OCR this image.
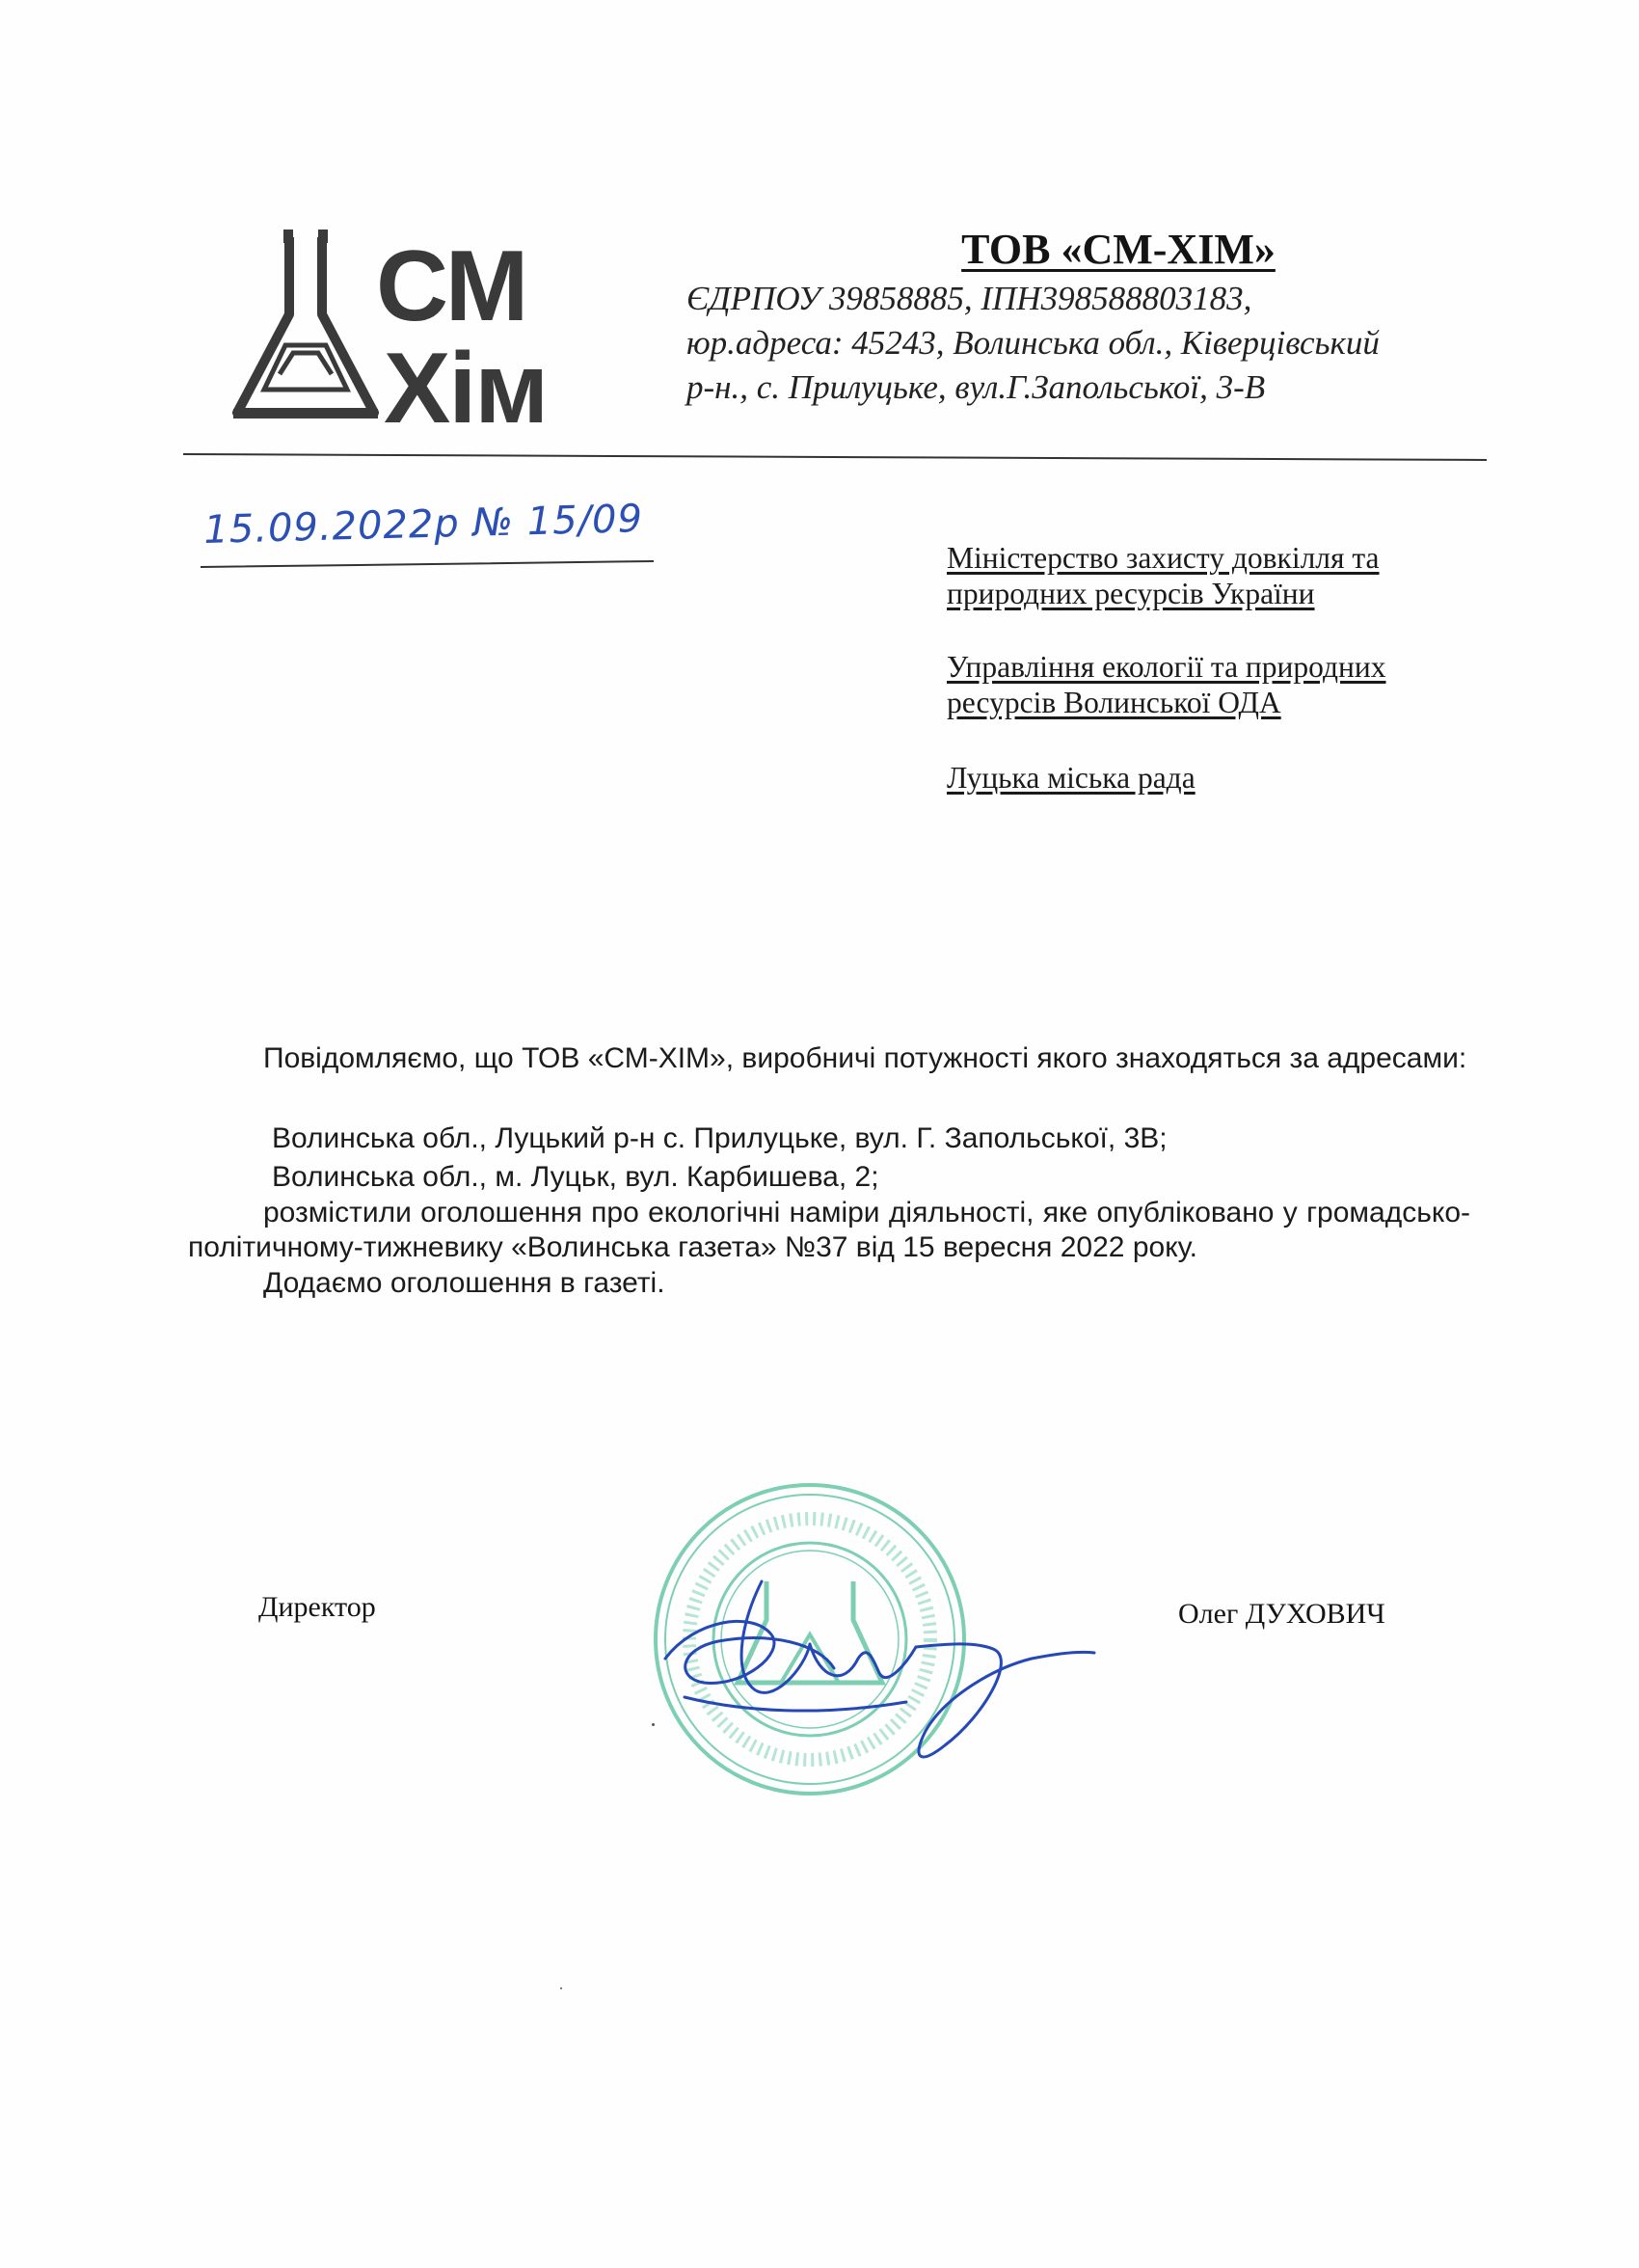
СМ
Хім
ТОВ «СМ-ХІМ»
ЄДРПОУ 39858885, ІПН398588803183,
юр.адреса: 45243, Волинська обл., Ківерцівський
р-н., с. Прилуцьке, вул.Г.Запольської, 3-В
15.09.2022р № 15/09
Міністерство захисту довкілля та природних ресурсів України
Управління екології та природних ресурсів Волинської ОДА
Луцька міська рада
Повідомляємо, що ТОВ «СМ-ХІМ», виробничі потужності якого знаходяться за адресами:
Волинська обл., Луцький р-н с. Прилуцьке, вул. Г. Запольської, 3В;
Волинська обл., м. Луцьк, вул. Карбишева, 2;
розмістили оголошення про екологічні наміри діяльності, яке опубліковано у громадсько-політичному-тижневику «Волинська газета» №37 від 15 вересня 2022 року.
Додаємо оголошення в газеті.
Директор	Олег ДУХОВИЧ
